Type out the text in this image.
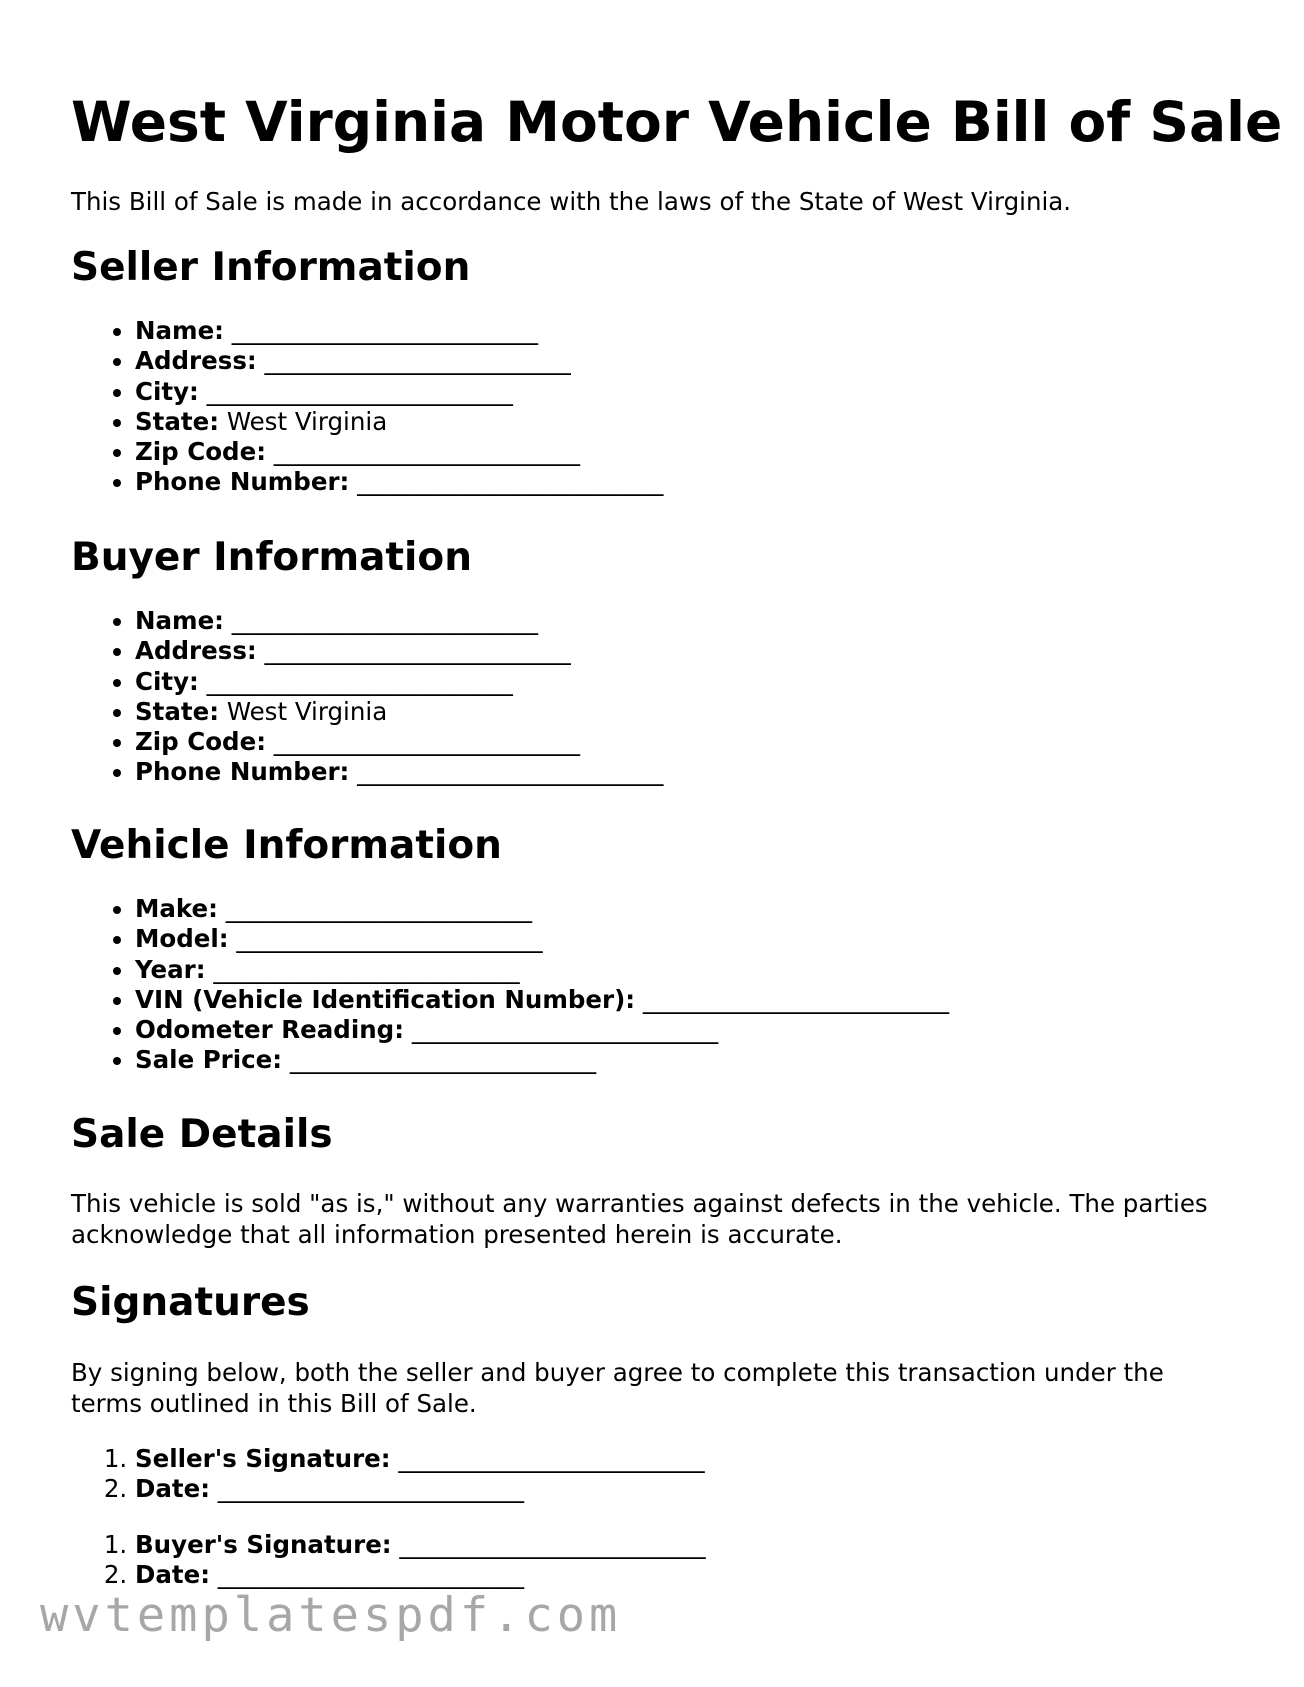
West Virginia Motor Vehicle Bill of Sale

This Bill of Sale is made in accordance with the laws of the State of West Virginia.

Seller Information
• Name: _________________________
• Address: _________________________
• City: _________________________
• State: West Virginia
• Zip Code: _________________________
• Phone Number: _________________________
Buyer Information
• Name: _________________________
• Address: _________________________
• City: _________________________
• State: West Virginia
• Zip Code: _________________________
• Phone Number: _________________________
Vehicle Information
• Make: _________________________
• Model: _________________________
• Year: _________________________
• VIN (Vehicle Identification Number): _________________________
• Odometer Reading: _________________________
• Sale Price: _________________________
Sale Details

This vehicle is sold "as is," without any warranties against defects in the vehicle. The parties acknowledge that all information presented herein is accurate.

Signatures

By signing below, both the seller and buyer agree to complete this transaction under the terms outlined in this Bill of Sale.

1. Seller's Signature: _________________________
2. Date: _________________________
1. Buyer's Signature: _________________________
2. Date: _________________________
wvtemplatespdf.com
